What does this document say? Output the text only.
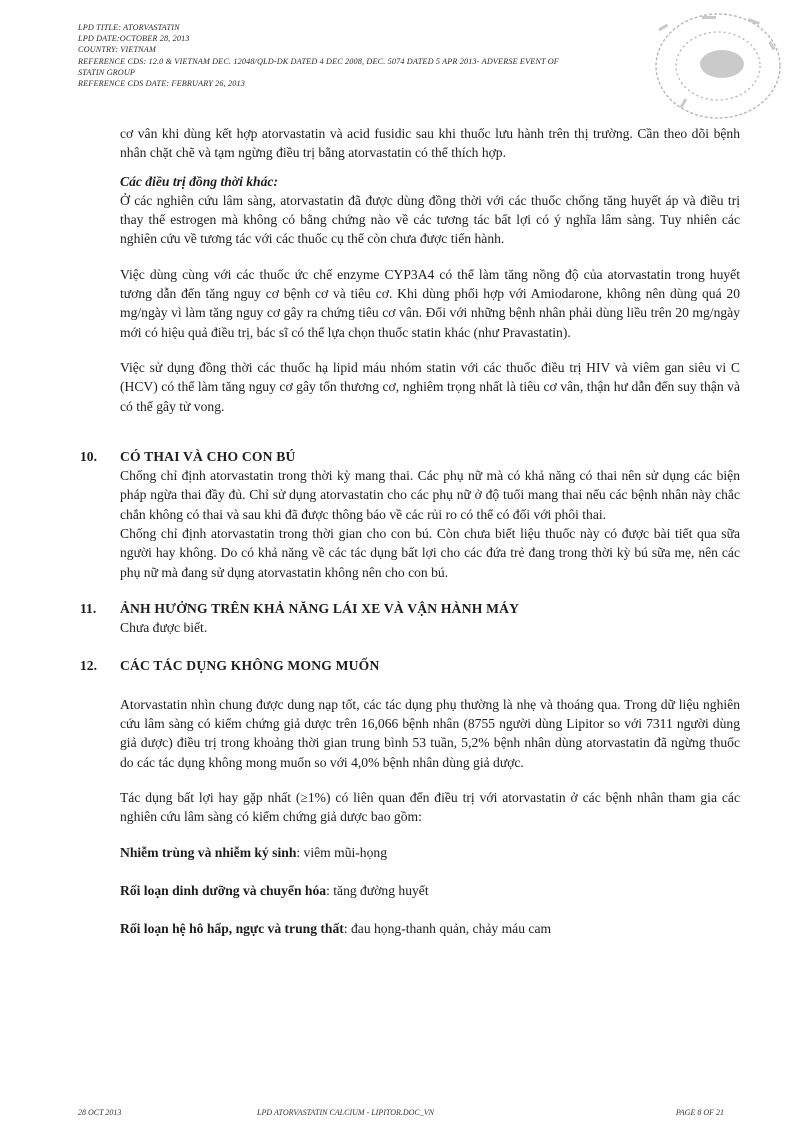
LPD TITLE: ATORVASTATIN
LPD DATE:OCTOBER 28, 2013
COUNTRY: VIETNAM
REFERENCE CDS: 12.0 & VIETNAM DEC. 12048/QLD-DK DATED 4 DEC 2008, DEC. 5074 DATED 5 APR 2013- ADVERSE EVENT OF
STATIN GROUP
REFERENCE CDS DATE: FEBRUARY 26, 2013

cơ vân khi dùng kết hợp atorvastatin và acid fusidic sau khi thuốc lưu hành trên thị trường. Cần theo dõi bệnh nhân chặt chẽ và tạm ngừng điều trị bằng atorvastatin có thể thích hợp.

Các điều trị đồng thời khác:

Ở các nghiên cứu lâm sàng, atorvastatin đã được dùng đồng thời với các thuốc chống tăng huyết áp và điều trị thay thế estrogen mà không có bằng chứng nào về các tương tác bất lợi có ý nghĩa lâm sàng. Tuy nhiên các nghiên cứu về tương tác với các thuốc cụ thể còn chưa được tiến hành.

Việc dùng cùng với các thuốc ức chế enzyme CYP3A4 có thể làm tăng nồng độ của atorvastatin trong huyết tương dẫn đến tăng nguy cơ bệnh cơ và tiêu cơ. Khi dùng phối hợp với Amiodarone, không nên dùng quá 20 mg/ngày vì làm tăng nguy cơ gây ra chứng tiêu cơ vân. Đối với những bệnh nhân phải dùng liều trên 20 mg/ngày mới có hiệu quả điều trị, bác sĩ có thể lựa chọn thuốc statin khác (như Pravastatin).

Việc sử dụng đồng thời các thuốc hạ lipid máu nhóm statin với các thuốc điều trị HIV và viêm gan siêu vi C (HCV) có thể làm tăng nguy cơ gây tổn thương cơ, nghiêm trọng nhất là tiêu cơ vân, thận hư dẫn đến suy thận và có thể gây tử vong.

10.	CÓ THAI VÀ CHO CON BÚ

Chống chỉ định atorvastatin trong thời kỳ mang thai. Các phụ nữ mà có khả năng có thai nên sử dụng các biện pháp ngừa thai đầy đủ. Chỉ sử dụng atorvastatin cho các phụ nữ ở độ tuổi mang thai nếu các bệnh nhân này chắc chắn không có thai và sau khi đã được thông báo về các rủi ro có thể có đối với phôi thai.

Chống chỉ định atorvastatin trong thời gian cho con bú. Còn chưa biết liệu thuốc này có được bài tiết qua sữa người hay không. Do có khả năng về các tác dụng bất lợi cho các đứa trẻ đang trong thời kỳ bú sữa mẹ, nên các phụ nữ mà đang sử dụng atorvastatin không nên cho con bú.

11.	ẢNH HƯỞNG TRÊN KHẢ NĂNG LÁI XE VÀ VẬN HÀNH MÁY

Chưa được biết.

12.	CÁC TÁC DỤNG KHÔNG MONG MUỐN

Atorvastatin nhìn chung được dung nạp tốt, các tác dụng phụ thường là nhẹ và thoáng qua. Trong dữ liệu nghiên cứu lâm sàng có kiểm chứng giả dược trên 16,066 bệnh nhân (8755 người dùng Lipitor so với 7311 người dùng giả dược) điều trị trong khoảng thời gian trung bình 53 tuần, 5,2% bệnh nhân dùng atorvastatin đã ngừng thuốc do các tác dụng không mong muốn so với 4,0% bệnh nhân dùng giả dược.

Tác dụng bất lợi hay gặp nhất (≥1%) có liên quan đến điều trị với atorvastatin ở các bệnh nhân tham gia các nghiên cứu lâm sàng có kiểm chứng giả dược bao gồm:

Nhiễm trùng và nhiễm ký sinh: viêm mũi-họng

Rối loạn dinh dưỡng và chuyển hóa: tăng đường huyết

Rối loạn hệ hô hấp, ngực và trung thất: đau họng-thanh quản, chảy máu cam

28 OCT 2013	LPD ATORVASTATIN CALCIUM - LIPITOR.DOC_VN	PAGE 8 OF 21
